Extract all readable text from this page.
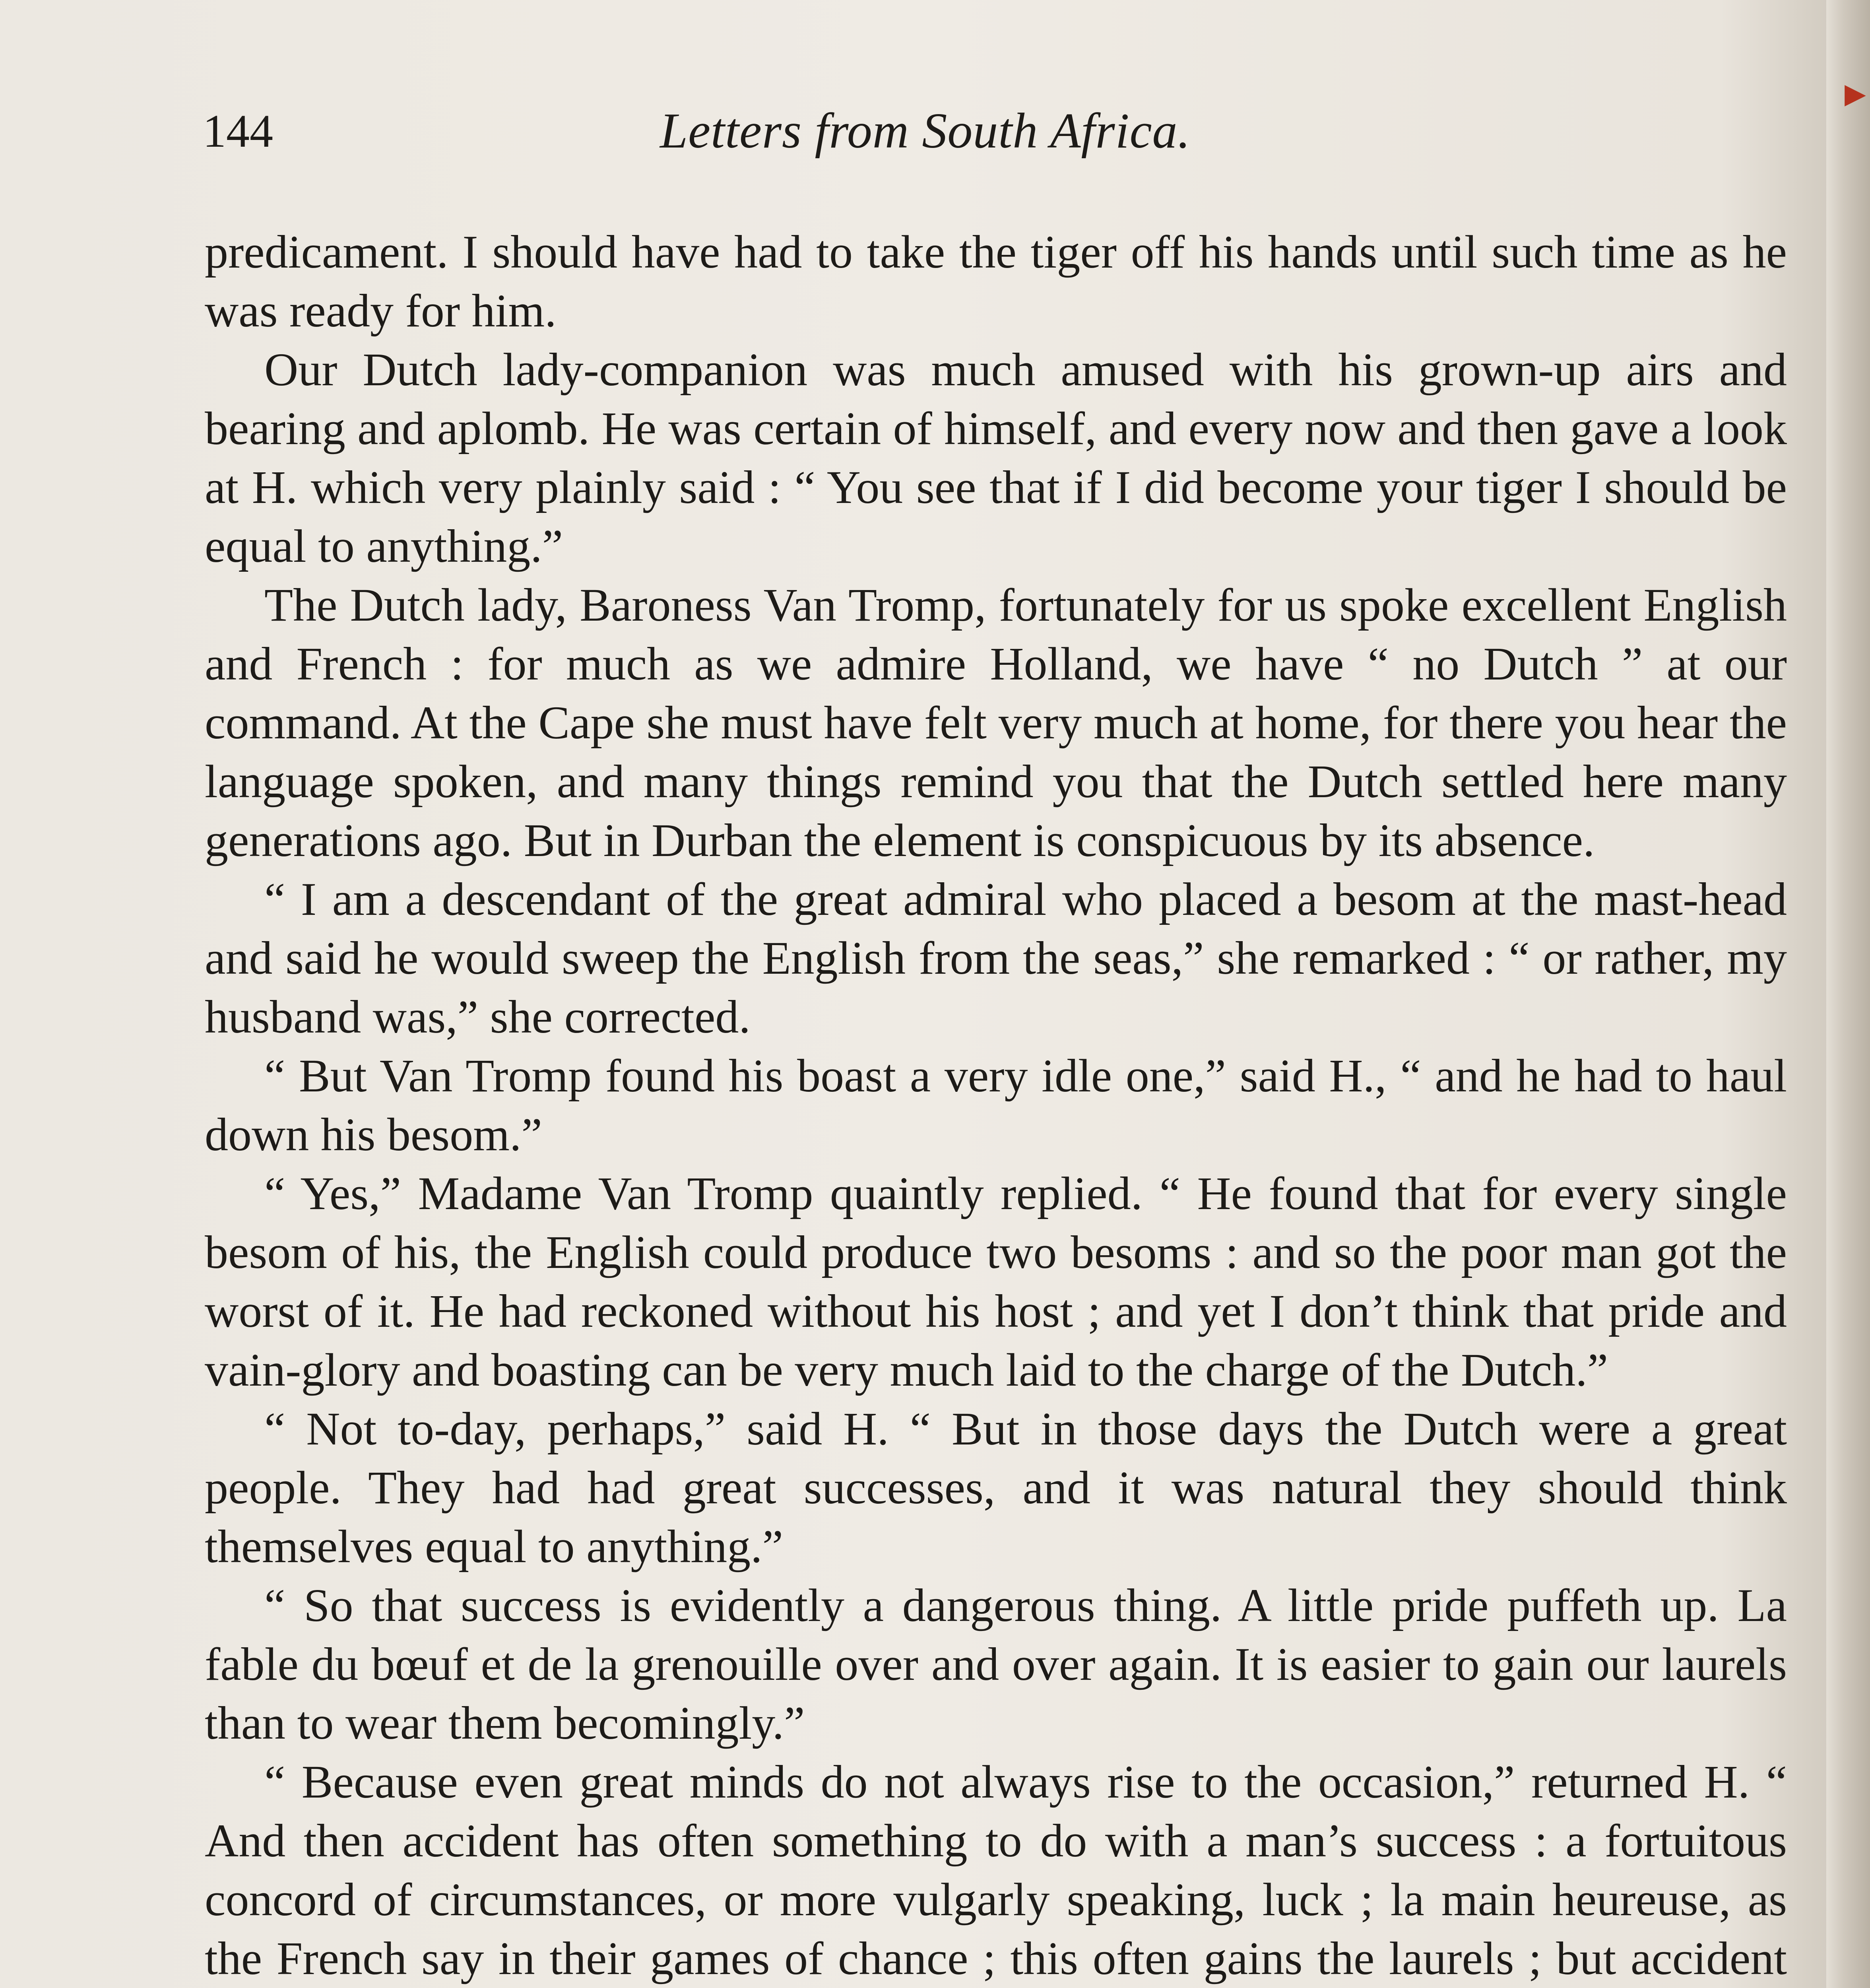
144	Letters from South Africa.

predicament. I should have had to take the tiger off his hands until such time as he was ready for him.

Our Dutch lady-companion was much amused with his grown-up airs and bearing and aplomb. He was certain of himself, and every now and then gave a look at H. which very plainly said : “ You see that if I did become your tiger I should be equal to anything.”

The Dutch lady, Baroness Van Tromp, fortunately for us spoke excellent English and French : for much as we admire Holland, we have “ no Dutch ” at our command. At the Cape she must have felt very much at home, for there you hear the language spoken, and many things remind you that the Dutch settled here many generations ago. But in Durban the element is conspicuous by its absence.

“ I am a descendant of the great admiral who placed a besom at the mast-head and said he would sweep the English from the seas,” she remarked : “ or rather, my husband was,” she corrected.

“ But Van Tromp found his boast a very idle one,” said H., “ and he had to haul down his besom.”

“ Yes,” Madame Van Tromp quaintly replied. “ He found that for every single besom of his, the English could produce two besoms : and so the poor man got the worst of it. He had reckoned without his host ; and yet I don’t think that pride and vain-glory and boasting can be very much laid to the charge of the Dutch.”

“ Not to-day, perhaps,” said H. “ But in those days the Dutch were a great people. They had had great successes, and it was natural they should think themselves equal to anything.”

“ So that success is evidently a dangerous thing. A little pride puffeth up. La fable du bœuf et de la grenouille over and over again. It is easier to gain our laurels than to wear them becomingly.”

“ Because even great minds do not always rise to the occasion,” returned H. “ And then accident has often something to do with a man’s success : a fortuitous concord of circumstances, or more vulgarly speaking, luck ; la main heureuse, as the French say in their games of chance ; this often gains the laurels ; but accident

▶
